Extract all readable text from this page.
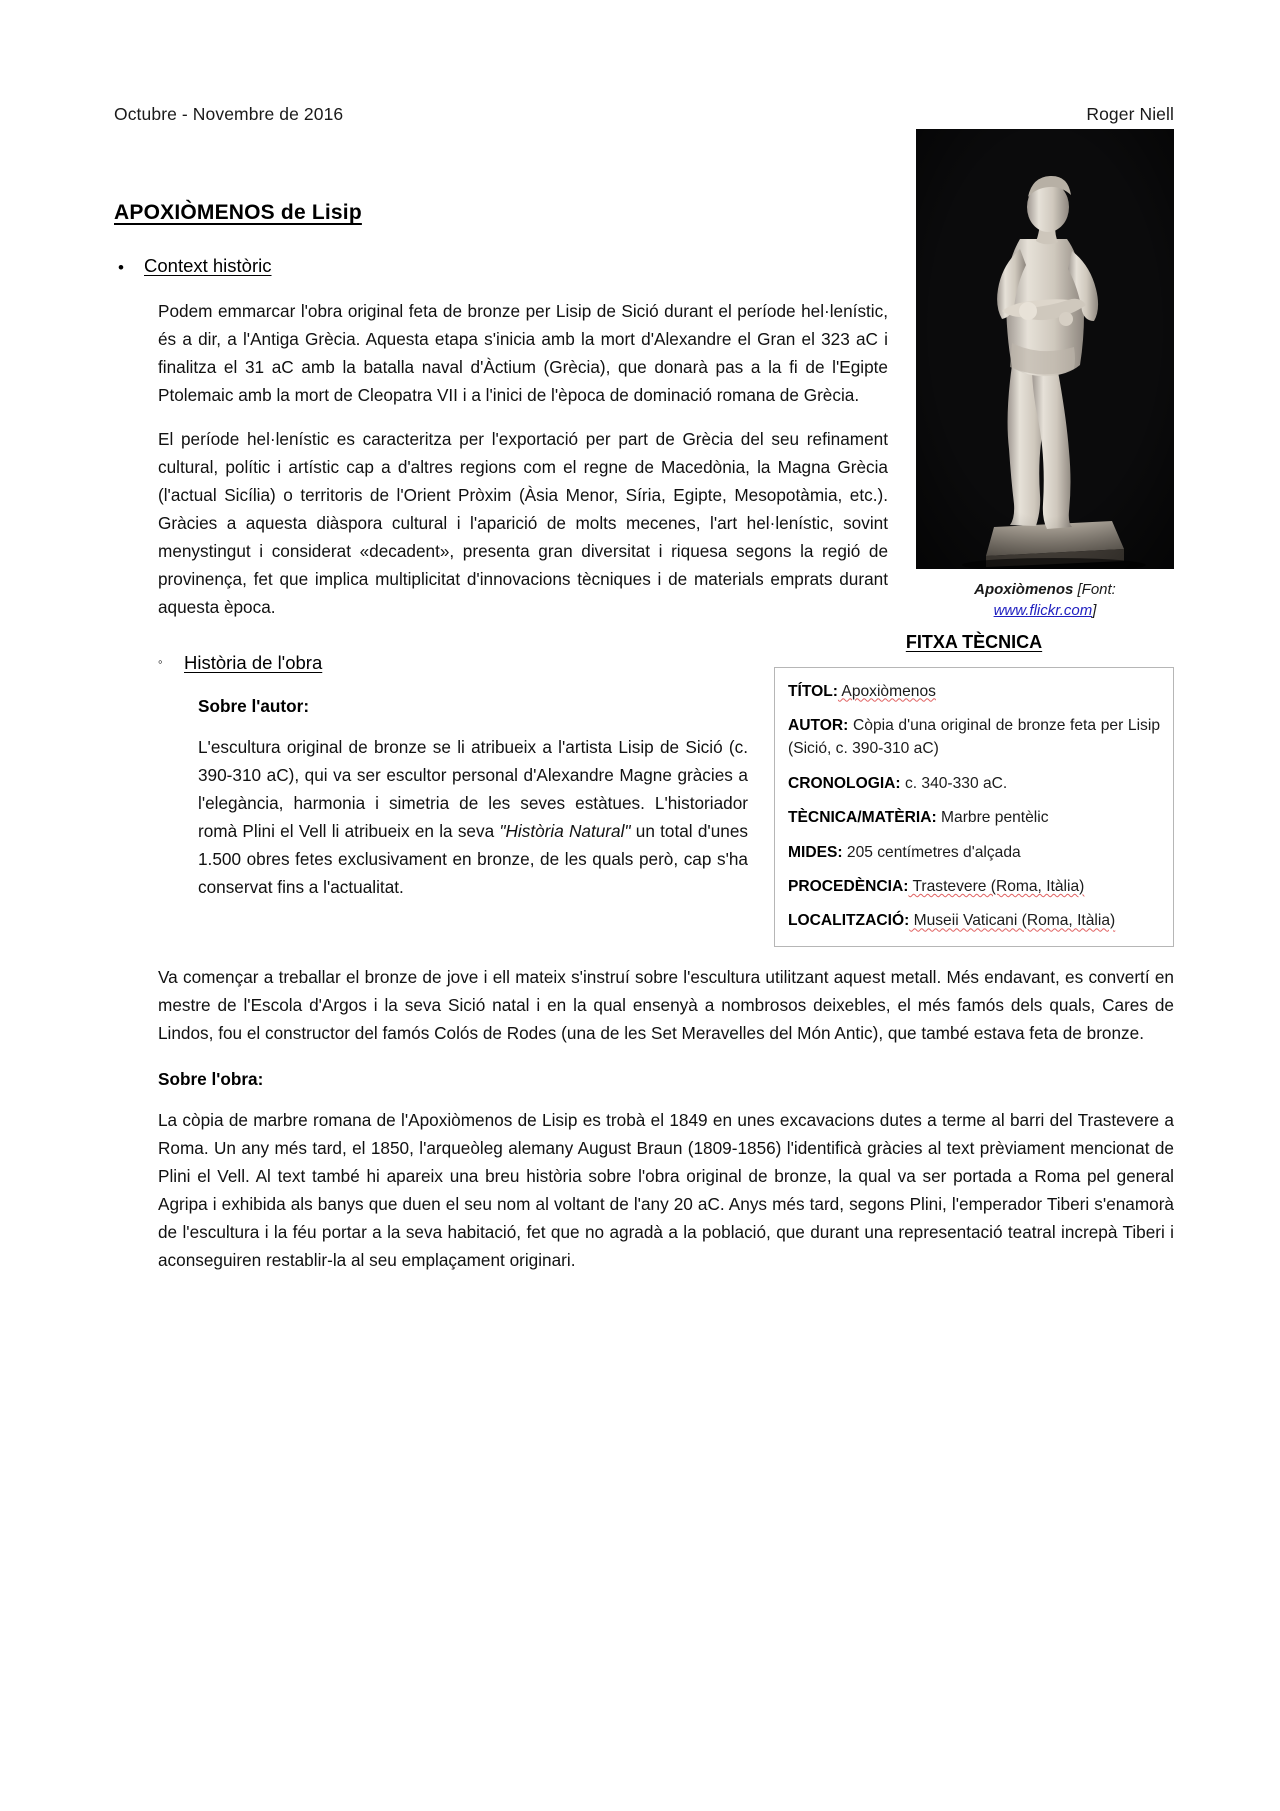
Octubre - Novembre de 2016	Roger Niell
Apoxiòmenos [Font:
www.flickr.com]
APOXIÒMENOS de Lisip
•	Context històric

Podem emmarcar l'obra original feta de bronze per Lisip de Sició durant el període hel·lenístic, és a dir, a l'Antiga Grècia. Aquesta etapa s'inicia amb la mort d'Alexandre el Gran el 323 aC i finalitza el 31 aC amb la batalla naval d'Àctium (Grècia), que donarà pas a la fi de l'Egipte Ptolemaic amb la mort de Cleopatra VII i a l'inici de l'època de dominació romana de Grècia.

El període hel·lenístic es caracteritza per l'exportació per part de Grècia del seu refinament cultural, polític i artístic cap a d'altres regions com el regne de Macedònia, la Magna Grècia (l'actual Sicília) o territoris de l'Orient Pròxim (Àsia Menor, Síria, Egipte, Mesopotàmia, etc.). Gràcies a aquesta diàspora cultural i l'aparició de molts mecenes, l'art hel·lenístic, sovint menystingut i considerat «decadent», presenta gran diversitat i riquesa segons la regió de provinença, fet que implica multiplicitat d'innovacions tècniques i de materials emprats durant aquesta època.

FITXA TÈCNICA
TÍTOL: Apoxiòmenos
AUTOR: Còpia d'una original de bronze feta per Lisip (Sició, c. 390-310 aC)
CRONOLOGIA: c. 340-330 aC.
TÈCNICA/MATÈRIA: Marbre pentèlic
MIDES: 205 centímetres d'alçada
PROCEDÈNCIA: Trastevere (Roma, Itàlia)
LOCALITZACIÓ: Museii Vaticani (Roma, Itàlia)
◦	Història de l'obra
Sobre l'autor:

L'escultura original de bronze se li atribueix a l'artista Lisip de Sició (c. 390-310 aC), qui va ser escultor personal d'Alexandre Magne gràcies a l'elegància, harmonia i simetria de les seves estàtues. L'historiador romà Plini el Vell li atribueix en la seva "Història Natural" un total d'unes 1.500 obres fetes exclusivament en bronze, de les quals però, cap s'ha conservat fins a l'actualitat.

Va començar a treballar el bronze de jove i ell mateix s'instruí sobre l'escultura utilitzant aquest metall. Més endavant, es convertí en mestre de l'Escola d'Argos i la seva Sició natal i en la qual ensenyà a nombrosos deixebles, el més famós dels quals, Cares de Lindos, fou el constructor del famós Colós de Rodes (una de les Set Meravelles del Món Antic), que també estava feta de bronze.

Sobre l'obra:

La còpia de marbre romana de l'Apoxiòmenos de Lisip es trobà el 1849 en unes excavacions dutes a terme al barri del Trastevere a Roma. Un any més tard, el 1850, l'arqueòleg alemany August Braun (1809-1856) l'identificà gràcies al text prèviament mencionat de Plini el Vell. Al text també hi apareix una breu història sobre l'obra original de bronze, la qual va ser portada a Roma pel general Agripa i exhibida als banys que duen el seu nom al voltant de l'any 20 aC. Anys més tard, segons Plini, l'emperador Tiberi s'enamorà de l'escultura i la féu portar a la seva habitació, fet que no agradà a la població, que durant una representació teatral increpà Tiberi i aconseguiren restablir-la al seu emplaçament originari.
